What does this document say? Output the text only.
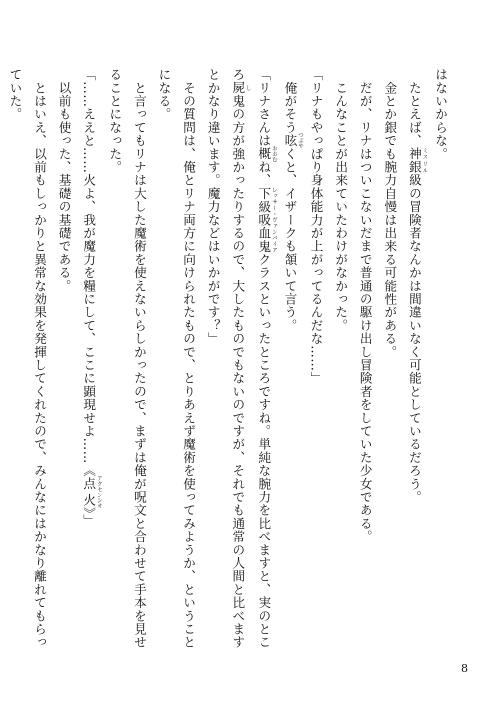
はないからな。
　たとえば、神銀 ミスリル級の冒険者なんかは間違いなく可能としているだろう。
　金とか銀でも腕力自慢は出来る可能性がある。
　だが、リナはついこないだまで普通の駆け出し冒険者をしていた少女である。
　こんなことが出来ていたわけがなかった。
「リナもやっぱり身体能力が上がってるんだな……」
　俺がそう呟 つぶやくと、イザークも頷いて言う。
「リナさんは概 おおむね、下級吸血鬼 レッサー・ヴァンパイアクラスといったところですね。単純な腕力を比べますと、実のとこ
ろ屍 し鬼の方が強かったりするので、大したものでもないのですが、それでも通常の人間と比べます
とかなり違います。魔力などはいかがです？」
　その質問は、俺とリナ両方に向けられたもので、とりあえず魔術を使ってみようか、ということ
になる。
　と言ってもリナは大した魔術を使えないらしかったので、まずは俺が呪文と合わせて手本を見せ
ることになった。
「……ええと……火よ、我が魔力を糧にして、ここに顕現せよ……《点火 アクセンシオ》」
　以前も使った、基礎の基礎である。
　とはいえ、以前もしっかりと異常な効果を発揮してくれたので、みんなにはかなり離れてもらっ
ていた。
8
